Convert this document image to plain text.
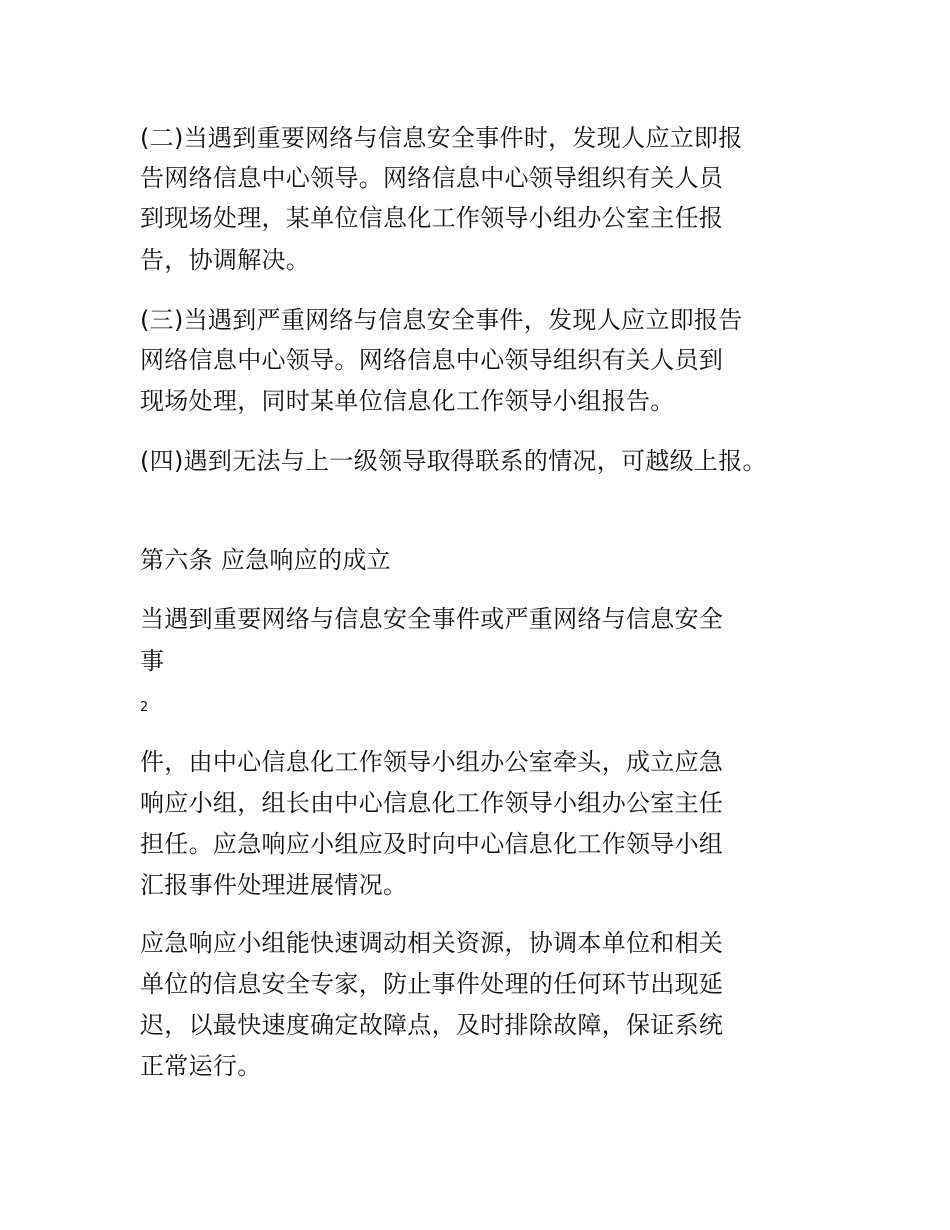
(二)当遇到重要网络与信息安全事件时，发现人应立即报
告网络信息中心领导。网络信息中心领导组织有关人员
到现场处理，某单位信息化工作领导小组办公室主任报
告，协调解决。
(三)当遇到严重网络与信息安全事件，发现人应立即报告
网络信息中心领导。网络信息中心领导组织有关人员到
现场处理，同时某单位信息化工作领导小组报告。
(四)遇到无法与上一级领导取得联系的情况，可越级上报。
第六条 应急响应的成立
当遇到重要网络与信息安全事件或严重网络与信息安全
事
2
件，由中心信息化工作领导小组办公室牵头，成立应急
响应小组，组长由中心信息化工作领导小组办公室主任
担任。应急响应小组应及时向中心信息化工作领导小组
汇报事件处理进展情况。
应急响应小组能快速调动相关资源，协调本单位和相关
单位的信息安全专家，防止事件处理的任何环节出现延
迟，以最快速度确定故障点，及时排除故障，保证系统
正常运行。
